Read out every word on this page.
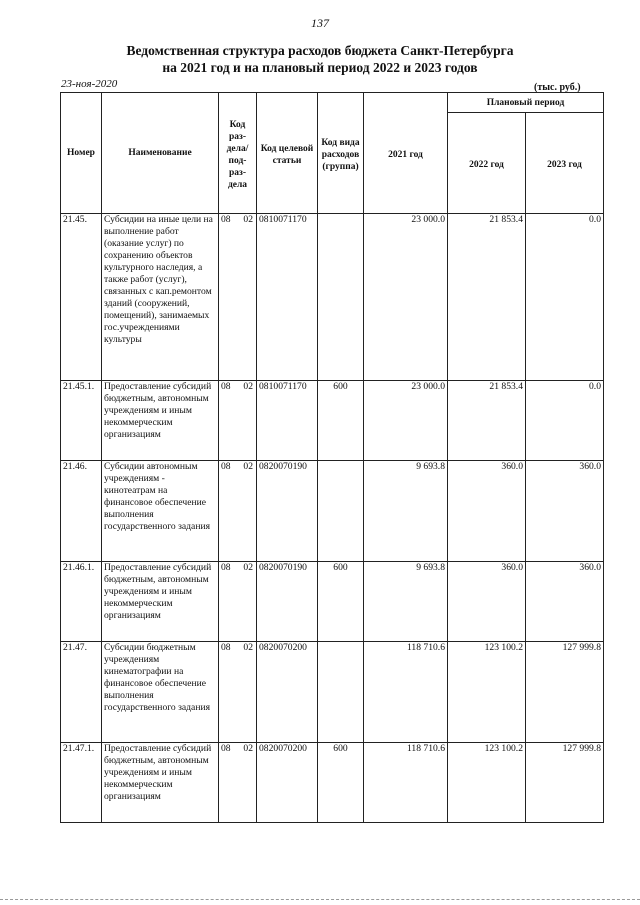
137
Ведомственная структура расходов бюджета Санкт-Петербурга
на 2021 год и на плановый период 2022 и 2023 годов
23-ноя-2020	(тыс. руб.)
Номер	Наименование	Код раз-дела/под-раз-дела	Код целевой статьи	Код вида расходов (группа)	2021 год	Плановый период	
						2022 год	2023 год
21.45.	Субсидии на иные цели на выполнение работ (оказание услуг) по сохранению объектов культурного наследия, а также работ (услуг), связанных с кап.ремонтом зданий (сооружений, помещений), занимаемых гос.учреждениями культуры	08 02	0810071170		23 000.0	21 853.4	0.0
21.45.1.	Предоставление субсидий бюджетным, автономным учреждениям и иным некоммерческим организациям	08 02	0810071170	600	23 000.0	21 853.4	0.0
21.46.	Субсидии автономным учреждениям - кинотеатрам на финансовое обеспечение выполнения государственного задания	08 02	0820070190		9 693.8	360.0	360.0
21.46.1.	Предоставление субсидий бюджетным, автономным учреждениям и иным некоммерческим организациям	08 02	0820070190	600	9 693.8	360.0	360.0
21.47.	Субсидии бюджетным учреждениям кинематографии на финансовое обеспечение выполнения государственного задания	08 02	0820070200		118 710.6	123 100.2	127 999.8
21.47.1.	Предоставление субсидий бюджетным, автономным учреждениям и иным некоммерческим организациям	08 02	0820070200	600	118 710.6	123 100.2	127 999.8
